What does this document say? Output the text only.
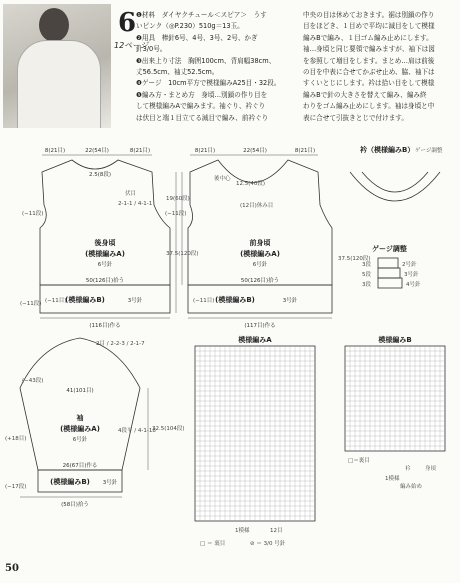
6
12ページ
❶材料　ダイヤクチュール＜スピア＞　うす
いピンク（◎P.230）510g＝13玉。
❷用具　棒針6号、4号、3号、2号、かぎ
針3/0号。
❸出来上り寸法　胸囲100cm、背肩幅38cm、
丈56.5cm、袖丈52.5cm。
❹ゲージ　10cm平方で模様編みA25目・32段。
❺編み方・まとめ方　身頃…別鎖の作り目を
して模様編みAで編みます。袖ぐり、衿ぐり
は伏目と端１目立てる減目で編み、前衿ぐり
中央の目は休めておきます。裾は別鎖の作り
目をほどき、１目めで平均に減目をして模様
編みBで編み、１目ゴム編み止めにします。
袖…身頃と同じ要領で編みますが、袖下は図
を参照して増目をします。まとめ…肩は前後
の目を中表に合せてかぶせ止め、脇、袖下は
すくいとじにします。衿は拾い目をして模様
編みBで針の大きさを替えて編み、編み終
わりをゴム編み止めにします。袖は身頃と中
表に合せて引抜きとじで付けます。
後身頃
(模様編みA)
6号針
(模様編みB)	3号針
(116目)作る
22(54目)
8(21目)	8(21目)
2.5(8段)
伏目
2-1-1 / 4-1-1
50(126目)拾う
(−11目)
(−11段)
19(60段)
37.5(120段)
(−11段)
前身頃
(模様編みA)
6号針
(模様編みB)	3号針
(117目)作る
22(54目)
8(21目)	8(21目)
12.5(40段)
(12目)休み目
後中心
50(126目)拾う
(−11目)
(−11段)
37.5(120段)
袖
(模様編みA)
6号針
(模様編みB) 3号針
41(101目)
26(67目)作る
(58目)拾う
(−43段)
32.5(104段)
(+18目)
(−17段)
4段平 / 4-1-18
2目 / 2-2-3 / 2-1-7
衿（模様編みB） ゲージ調整
ゲージ調整
2号針
3号針
4号針
3段
5段
3段
模様編みA
1模様	12目
□ ＝ 裏目	⊘ ＝ 3/0 号針
模様編みB
□＝裏目
衿	身頃
1模様
編み始め
50
